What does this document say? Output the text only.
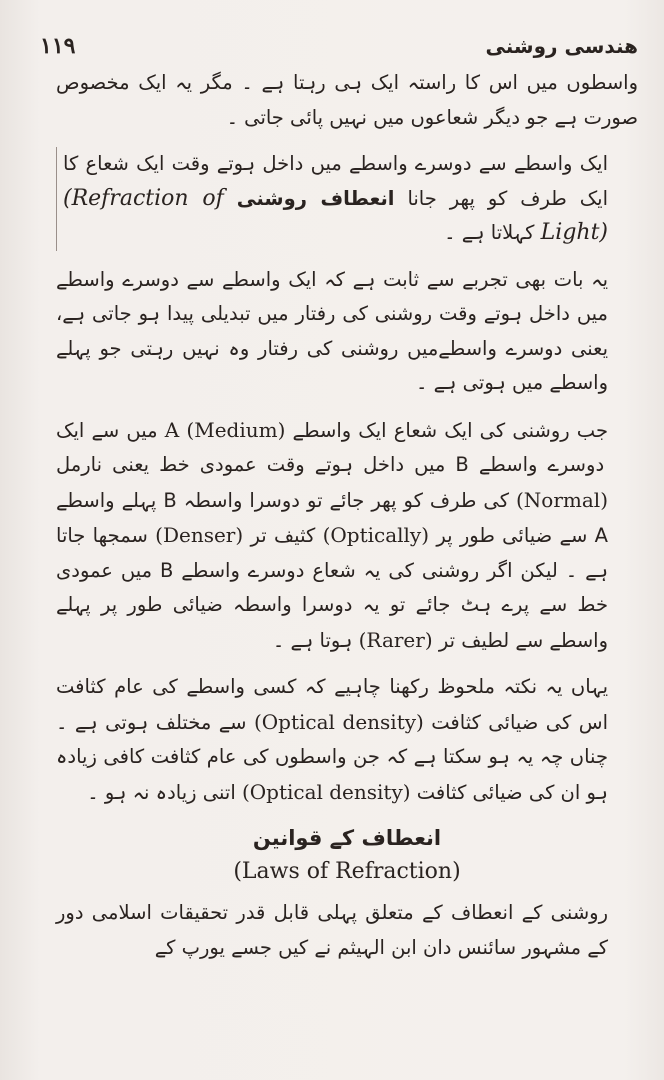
۱۱۹	هندسی روشنی

واسطوں میں اس کا راستہ ایک ہی رہتا ہے ۔ مگر یہ ایک مخصوص صورت ہے جو دیگر شعاعوں میں نہیں پائی جاتی ۔

ایک واسطے سے دوسرے واسطے میں داخل ہوتے وقت ایک شعاع کا ایک طرف کو پھر جانا انعطاف روشنی (Refraction of Light) کہلاتا ہے ۔

یہ بات بھی تجربے سے ثابت ہے کہ ایک واسطے سے دوسرے واسطے میں داخل ہوتے وقت روشنی کی رفتار میں تبدیلی پیدا ہو جاتی ہے، یعنی دوسرے واسطےمیں روشنی کی رفتار وہ نہیں رہتی جو پہلے واسطے میں ہوتی ہے ۔

جب روشنی کی ایک شعاع ایک واسطے A (Medium) میں سے ایک دوسرے واسطے B میں داخل ہوتے وقت عمودی خط یعنی نارمل (Normal) کی طرف کو پھر جائے تو دوسرا واسطہ B پہلے واسطے A سے ضیائی طور پر (Optically) کثیف تر (Denser) سمجھا جاتا ہے ۔ لیکن اگر روشنی کی یہ شعاع دوسرے واسطے B میں عمودی خط سے پرے ہٹ جائے تو یہ دوسرا واسطہ ضیائی طور پر پہلے واسطے سے لطیف تر (Rarer) ہوتا ہے ۔

یہاں یہ نکتہ ملحوظ رکھنا چاہیے کہ کسی واسطے کی عام کثافت اس کی ضیائی کثافت (Optical density) سے مختلف ہوتی ہے ۔ چناں چہ یہ ہو سکتا ہے کہ جن واسطوں کی عام کثافت کافی زیادہ ہو ان کی ضیائی کثافت (Optical density) اتنی زیادہ نہ ہو ۔

انعطاف کے قوانین
(Laws of Refraction)

روشنی کے انعطاف کے متعلق پہلی قابل قدر تحقیقات اسلامی دور کے مشہور سائنس دان ابن الہیثم نے کیں جسے یورپ کے
